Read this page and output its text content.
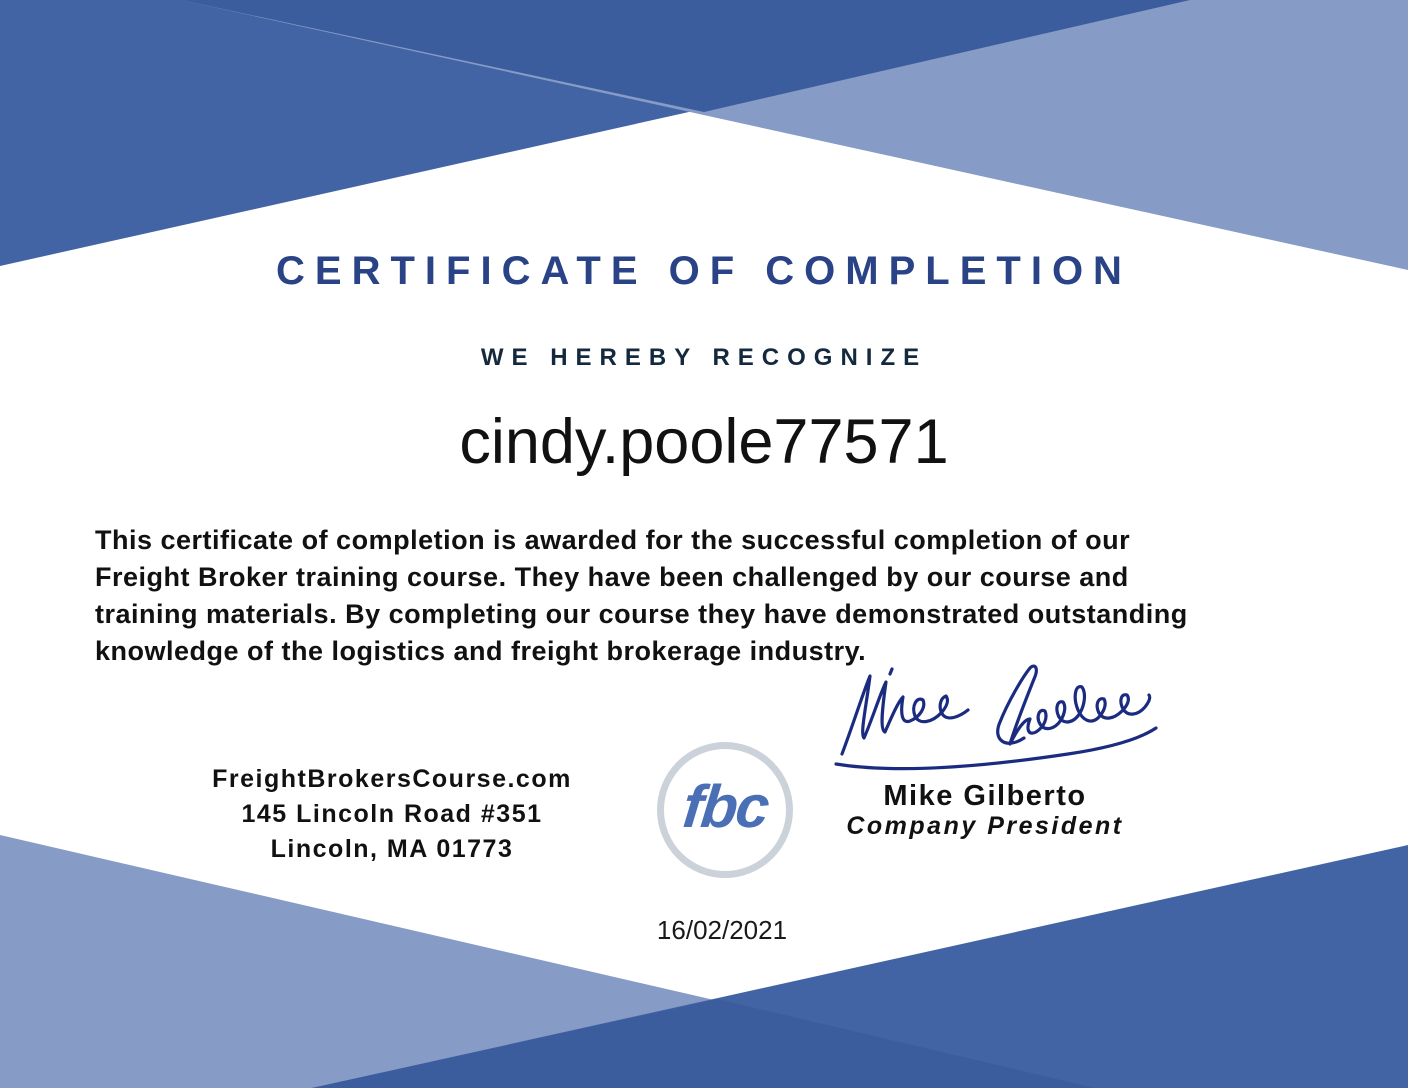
CERTIFICATE OF COMPLETION
WE HEREBY RECOGNIZE
cindy.poole77571
This certificate of completion is awarded for the successful completion of our
Freight Broker training course. They have been challenged by our course and
training materials. By completing our course they have demonstrated outstanding
knowledge of the logistics and freight brokerage industry.
FreightBrokersCourse.com
145 Lincoln Road #351
Lincoln, MA 01773
fbc	Mike Gilberto
Company President
16/02/2021
